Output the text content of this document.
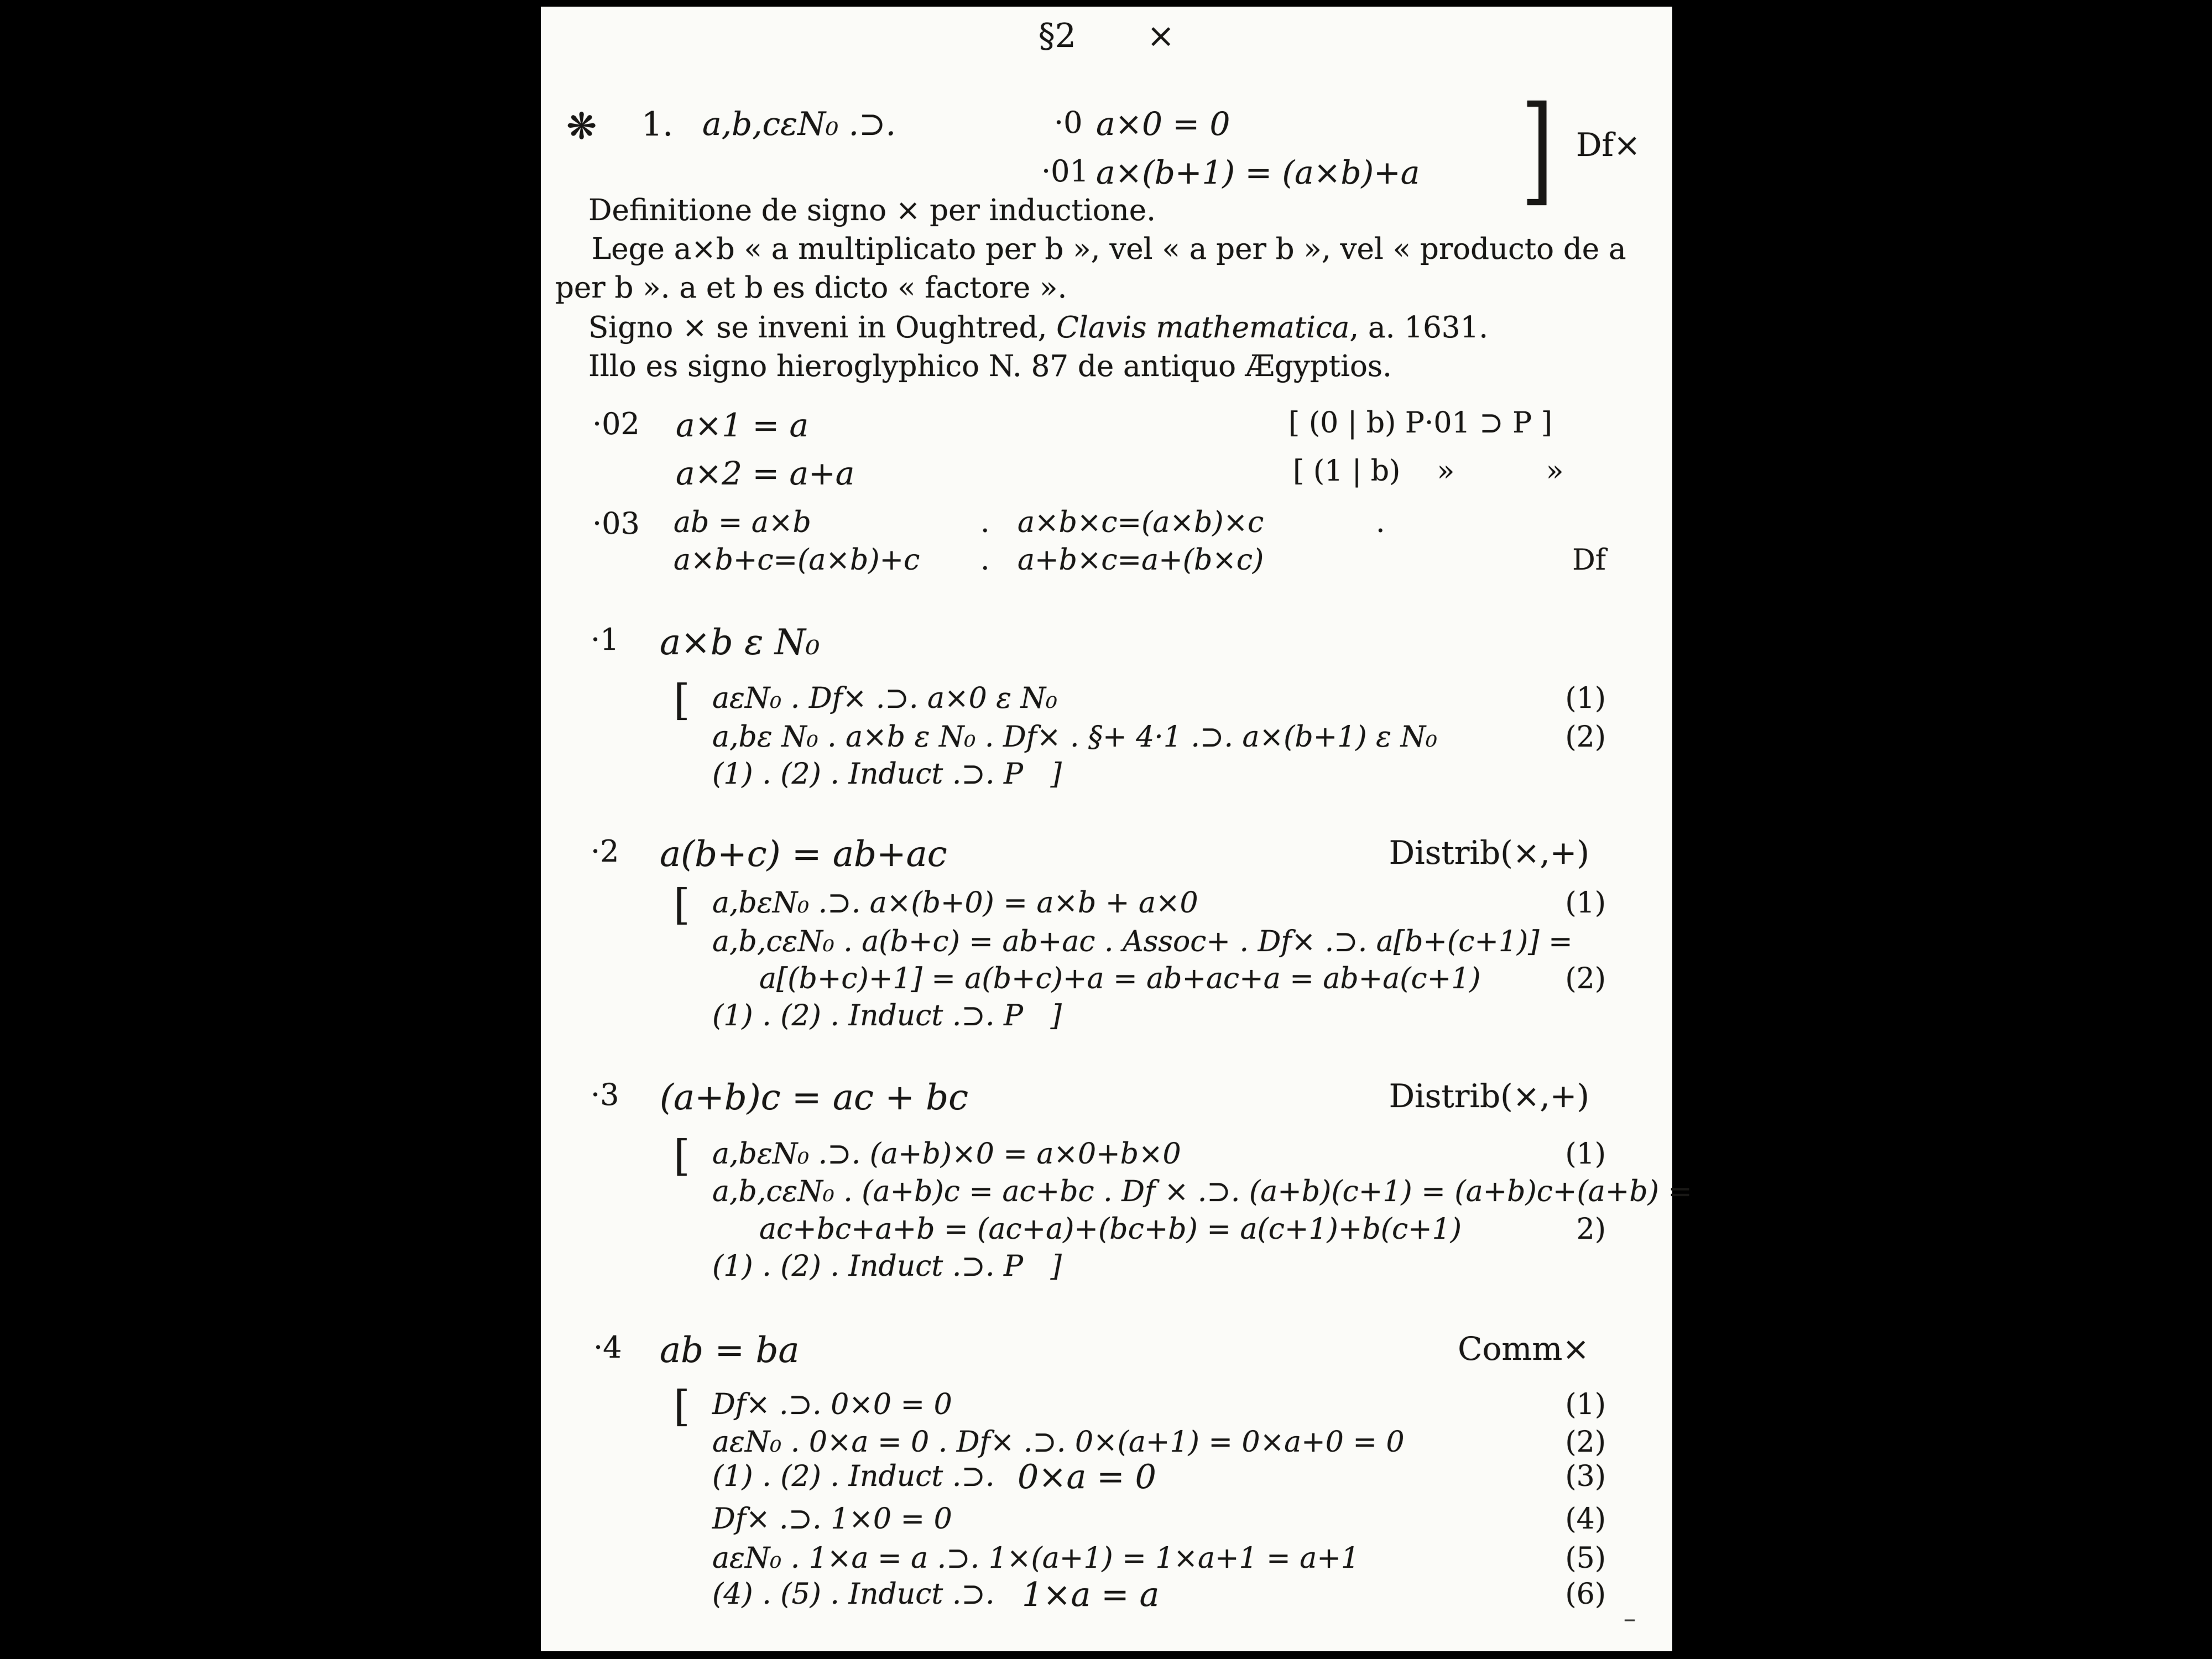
§2 ×
❋ 1. a,b,cεN₀ .⊃.	·0 a×0 = 0
·01 a×(b+1) = (a×b)+a ] Df×
Definitione de signo × per inductione.
Lege a×b « a multiplicato per b », vel « a per b », vel « producto de a
per b ». a et b es dicto « factore ».
Signo × se inveni in Oughtred, Clavis mathematica , a. 1631.
Illo es signo hieroglyphico N. 87 de antiquo Ægyptios.
·02 a×1 = a	[ (0 | b) P·01 ⊃ P ]
a×2 = a+a	[ (1 | b)    »          »
·03 ab = a×b	. a×b×c=(a×b)×c	.
a×b+c=(a×b)+c . a+b×c=a+(b×c)	Df
·1 a×b ε N₀
[ aεN₀ . Df× .⊃. a×0 ε N₀	(1)
a,bε N₀ . a×b ε N₀ . Df× . §+ 4·1 .⊃. a×(b+1) ε N₀	(2)
(1) . (2) . Induct .⊃. P   ]
·2 a(b+c) = ab+ac	Distrib(×,+)
[ a,bεN₀ .⊃. a×(b+0) = a×b + a×0	(1)
a,b,cεN₀ . a(b+c) = ab+ac . Assoc+ . Df× .⊃. a[b+(c+1)] =
a[(b+c)+1] = a(b+c)+a = ab+ac+a = ab+a(c+1)	(2)
(1) . (2) . Induct .⊃. P   ]
·3 (a+b)c = ac + bc	Distrib(×,+)
[ a,bεN₀ .⊃. (a+b)×0 = a×0+b×0	(1)
a,b,cεN₀ . (a+b)c = ac+bc . Df × .⊃. (a+b)(c+1) = (a+b)c+(a+b) =
ac+bc+a+b = (ac+a)+(bc+b) = a(c+1)+b(c+1)	2)
(1) . (2) . Induct .⊃. P   ]
·4 ab = ba	Comm×
[ Df× .⊃. 0×0 = 0	(1)
aεN₀ . 0×a = 0 . Df× .⊃. 0×(a+1) = 0×a+0 = 0	(2)
(1) . (2) . Induct .⊃. 0×a = 0	(3)
Df× .⊃. 1×0 = 0	(4)
aεN₀ . 1×a = a .⊃. 1×(a+1) = 1×a+1 = a+1	(5)
(4) . (5) . Induct .⊃. 1×a = a	(6)
–
